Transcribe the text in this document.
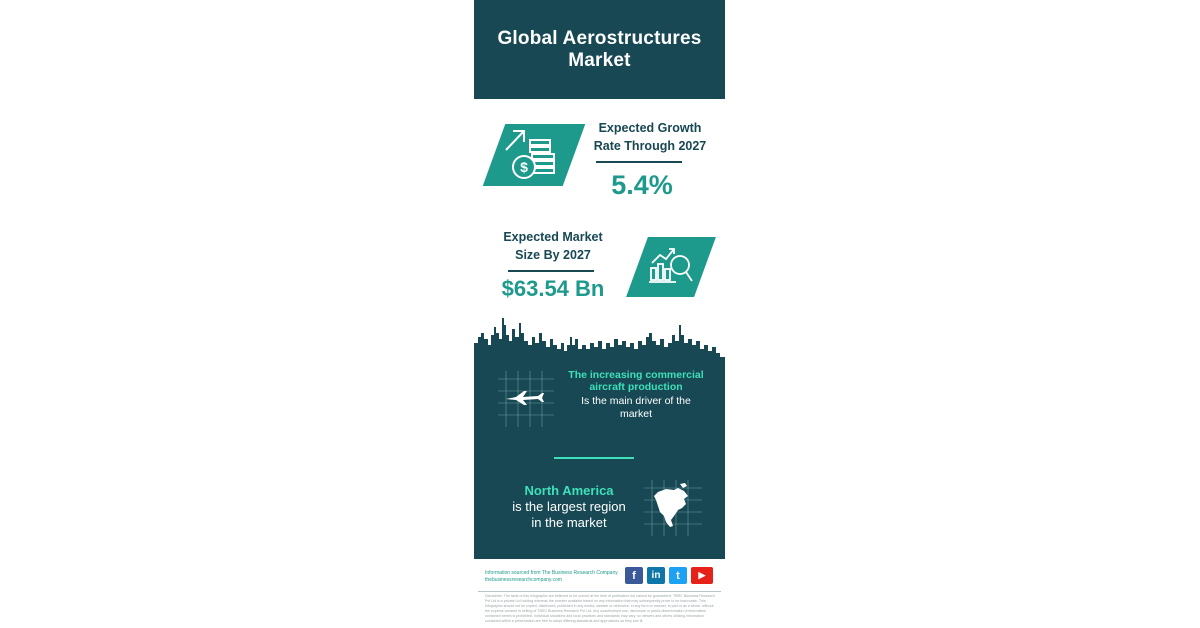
Global Aerostructures Market
$
Expected Growth
Rate Through 2027
5.4%
Expected Market
Size By 2027
$63.54 Bn
The increasing commercial
aircraft production
Is the main driver of the
market
North America
is the largest region
in the market
Information sourced from The Business Research Company
thebusinessresearchcompany.com	f	in	t	▶
Disclaimer: The facts of this infographic are believed to be correct at the time of publication but cannot be guaranteed. TBRC Business Research Pvt Ltd is a private Ltd holding whereas the number available based on any information that may subsequently prove to be inaccurate. This infographic should not be copied, distributed, published in any media, website or otherwise, in any form or manner, in part or as a whole, without the express consent in writing of TBRC Business Research Pvt Ltd. Any unauthorised use, disclosure or public dissemination of information contained herein is prohibited. Individual situations and local practices and standards may vary, so viewers and others utilizing information contained within a presentation are free to adopt differing standards and approaches as they see fit.
